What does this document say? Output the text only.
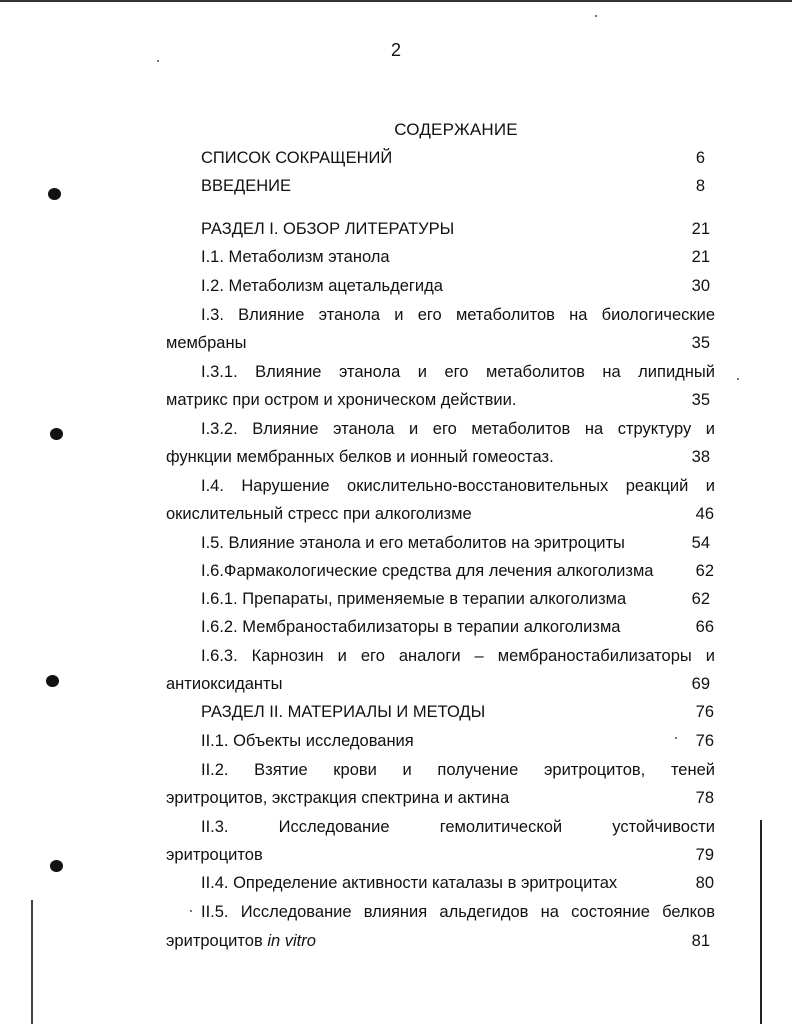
2
СОДЕРЖАНИЕ
СПИСОК СОКРАЩЕНИЙ	6
ВВЕДЕНИЕ	8
РАЗДЕЛ I. ОБЗОР ЛИТЕРАТУРЫ	21
I.1. Метаболизм этанола	21
I.2. Метаболизм ацетальдегида	30
I.3. Влияние этанола и его метаболитов на биологические
мембраны	35
I.3.1. Влияние этанола и его метаболитов на липидный
матрикс при остром и хроническом действии.	35
I.3.2. Влияние этанола и его метаболитов на структуру и
функции мембранных белков и ионный гомеостаз.	38
I.4. Нарушение окислительно-восстановительных реакций и
окислительный стресс при алкоголизме	46
I.5. Влияние этанола и его метаболитов на эритроциты	54
I.6.Фармакологические средства для лечения алкоголизма	62
I.6.1. Препараты, применяемые в терапии алкоголизма	62
I.6.2. Мембраностабилизаторы в терапии алкоголизма	66
I.6.3. Карнозин и его аналоги – мембраностабилизаторы и
антиоксиданты	69
РАЗДЕЛ II. МАТЕРИАЛЫ И МЕТОДЫ	76
II.1. Объекты исследования	76
II.2. Взятие крови и получение эритроцитов, теней
эритроцитов, экстракция спектрина и актина	78
II.3. Исследование гемолитической устойчивости
эритроцитов	79
II.4. Определение активности каталазы в эритроцитах	80
II.5. Исследование влияния альдегидов на состояние белков
эритроцитов in vitro	81
